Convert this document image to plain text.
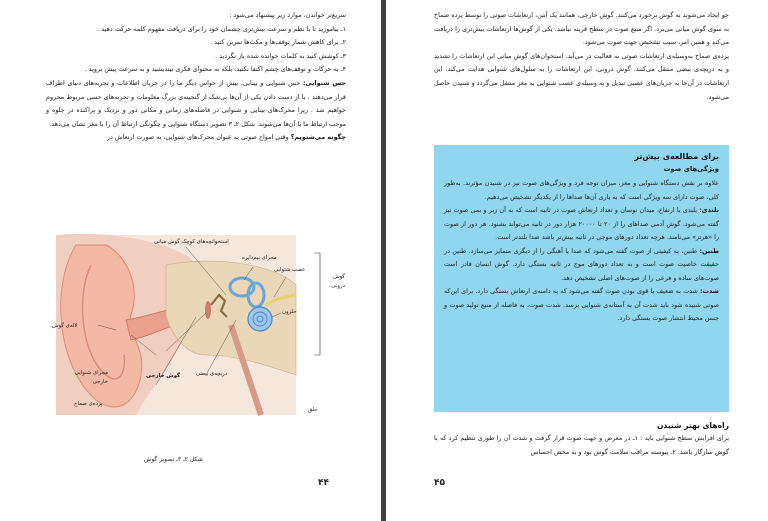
سریع‌تر خواندن، موارد زیر پیشنهاد می‌شود :
۱ـ بیاموزید تا با نظم و سرعت بیش‌تری چشمان خود را برای دریافت مفهوم کلمه حرکت دهید .
۲ـ برای کاهش شمار توقف‌ها و مکث‌ها تمرین کنید .
۳ـ کوشش کنید به کلمات خوانده شده باز نگردید .
۴ـ به حرکات و توقف‌های چشم اکتفا نکنید، بلکه به محتوای فکری بیندیشید و به سرعت پیش بروید .
حس شنوایی: حس شنوایی و بینایی، بیش از حواس دیگر ما را در جریان اطلاعات و تجربه‌های دنیای اطراف قرار می‌دهند . با از دست دادن یکی از آن‌ها بی‌شک از گنجینه‌ی بزرگ معلومات و تجربه‌های حسی مربوط محروم خواهیم شد . زیرا محرک‌های بینایی و شنوایی در فاصله‌های زمانی و مکانی دور و نزدیک و پراکنده در جلوه و موجب ارتباط ما با آن‌ها می‌شوند. شکل ۲ـ ۳ تصویر دستگاه شنوایی و چگونگی ارتباط آن را با مغز نشان می‌دهد.
چگونه می‌شنویم؟ وقتی امواج صوتی به عنوان محرک‌های شنوایی، به صورت ارتعاش در
استخوانچه‌های کوچک گوش میانی
مجرای نیم‌دایره
عصب شنوایی
گوش درونی
حلزون
لاله‌ی گوش
مجرای شنوایی خارجی
پرده‌ی صماخ
گوش خارجی	دریچه‌ی بیضی
حلق
شکل ۲ـ ۳ـ تصویر گوش
۴۴
جو ایجاد می‌شوند به گوش برخورد می‌کنند. گوش خارجی، همانند یک آنتن، ارتعاشات صوتی را توسط پرده صماخ به سوی گوش میانی می‌برد. اگر منبع صوت در سطح قرینه نباشد، یکی از گوش‌ها ارتعاشات بیش‌تری را دریافت می‌کند و همین امر، سبب تشخیص جهت صوت می‌شود.
پرده‌ی صماخ به‌وسیله‌ی ارتعاشات صوتی به فعالیت در می‌آید. استخوان‌های گوش میانی این ارتعاشات را تشدید و به دریچه‌ی بیضی منتقل می‌کنند. گوش درونی، این ارتعاشات را به سلول‌های شنوایی هدایت می‌کند. این ارتعاشات در آن‌جا به جریان‌های عصبی تبدیل و به وسیله‌ی عصب شنوایی به مغز منتقل می‌گردد و شنیدن حاصل می‌شود.
برای مطالعه‌ی بیش‌تر
ویژگی‌های صوت
علاوه بر نقش دستگاه شنوایی و مغز، میزان توجه فرد و ویژگی‌های صوت نیز در شنیدن مؤثرند. به‌طور کلی، صوت دارای سه ویژگی است که به یاری آن‌ها صداها را از یکدیگر تشخیص می‌دهیم.
بلندی: بلندی یا ارتفاع، میدان نوسان و تعداد ارتعاش صوت در ثانیه است که به آن زیر و بمی صوت نیز گفته می‌شود. گوش آدمی صداهای را از ۲۰ تا ۲۰۰۰۰ هزار دور در ثانیه می‌تواند بشنود. هر دور از صوت را «هرتز» می‌نامند. هرچه تعداد دورهای موجی در ثانیه بیش‌تر باشد صدا بلندتر است.
طنین: طنین، به کیفیتی از صوت گفته می‌شود که صدا یا آهنگی را از دیگری متمایز می‌سازد. طنین در حقیقت خاصیت صوت است و به تعداد دورهای موج در ثانیه بستگی دارد. گوش انسان قادر است صوت‌های ساده و فرعی را از صوت‌های اصلی تشخیص دهد.
شدت: شدت به ضعیف یا قوی بودن صوت گفته می‌شود که به دامنه‌ی ارتعاش بستگی دارد. برای این‌که صوتی شنیده شود باید شدت آن به آستانه‌ی شنوایی برسد. شدت صوت، به فاصله از منبع تولید صوت و جنس محیط انتشار صوت بستگی دارد.
راه‌های بهتر شنیدن
برای افزایش سطح شنوایی باید : ۱ـ در معرض و جهت صوت قرار گرفت و شدت آن را طوری تنظیم کرد که با گوش سازگار باشد. ۲ـ پیوسته مراقب سلامت گوش بود و به محض احساس
۴۵
